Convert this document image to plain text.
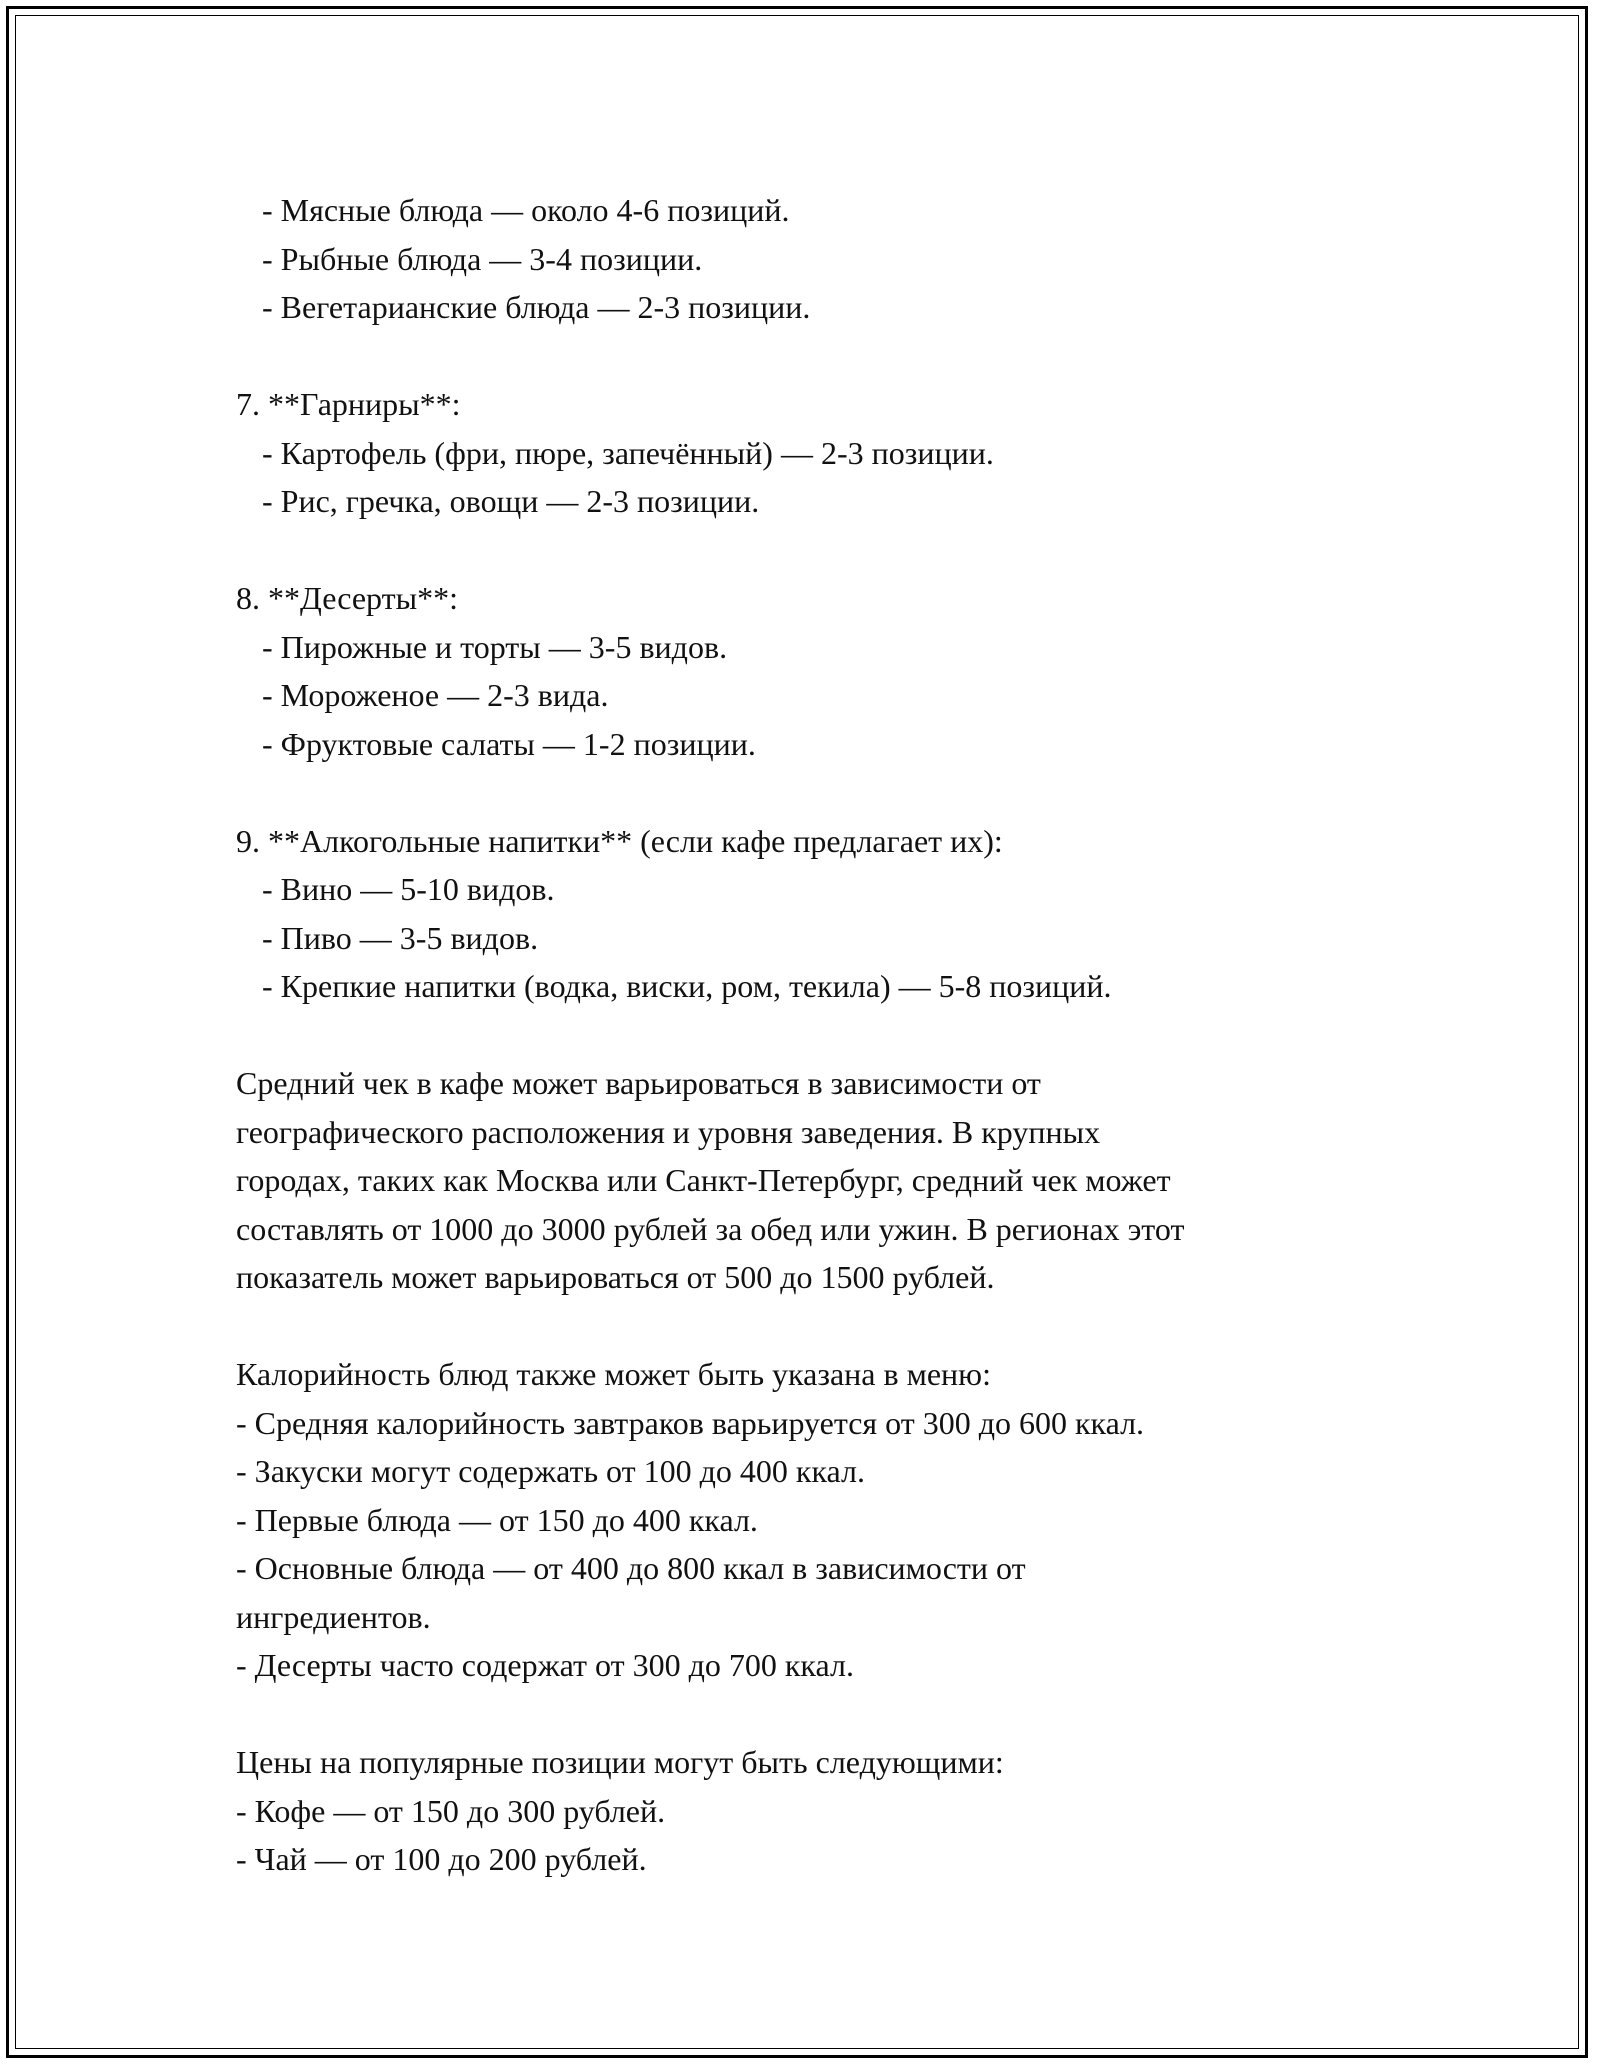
- Мясные блюда — около 4-6 позиций.

- Рыбные блюда — 3-4 позиции.

- Вегетарианские блюда — 2-3 позиции.

7. **Гарниры**:

- Картофель (фри, пюре, запечённый) — 2-3 позиции.

- Рис, гречка, овощи — 2-3 позиции.

8. **Десерты**:

- Пирожные и торты — 3-5 видов.

- Мороженое — 2-3 вида.

- Фруктовые салаты — 1-2 позиции.

9. **Алкогольные напитки** (если кафе предлагает их):

- Вино — 5-10 видов.

- Пиво — 3-5 видов.

- Крепкие напитки (водка, виски, ром, текила) — 5-8 позиций.

Средний чек в кафе может варьироваться в зависимости от

географического расположения и уровня заведения. В крупных

городах, таких как Москва или Санкт-Петербург, средний чек может

составлять от 1000 до 3000 рублей за обед или ужин. В регионах этот

показатель может варьироваться от 500 до 1500 рублей.

Калорийность блюд также может быть указана в меню:

- Средняя калорийность завтраков варьируется от 300 до 600 ккал.

- Закуски могут содержать от 100 до 400 ккал.

- Первые блюда — от 150 до 400 ккал.

- Основные блюда — от 400 до 800 ккал в зависимости от

ингредиентов.

- Десерты часто содержат от 300 до 700 ккал.

Цены на популярные позиции могут быть следующими:

- Кофе — от 150 до 300 рублей.

- Чай — от 100 до 200 рублей.
